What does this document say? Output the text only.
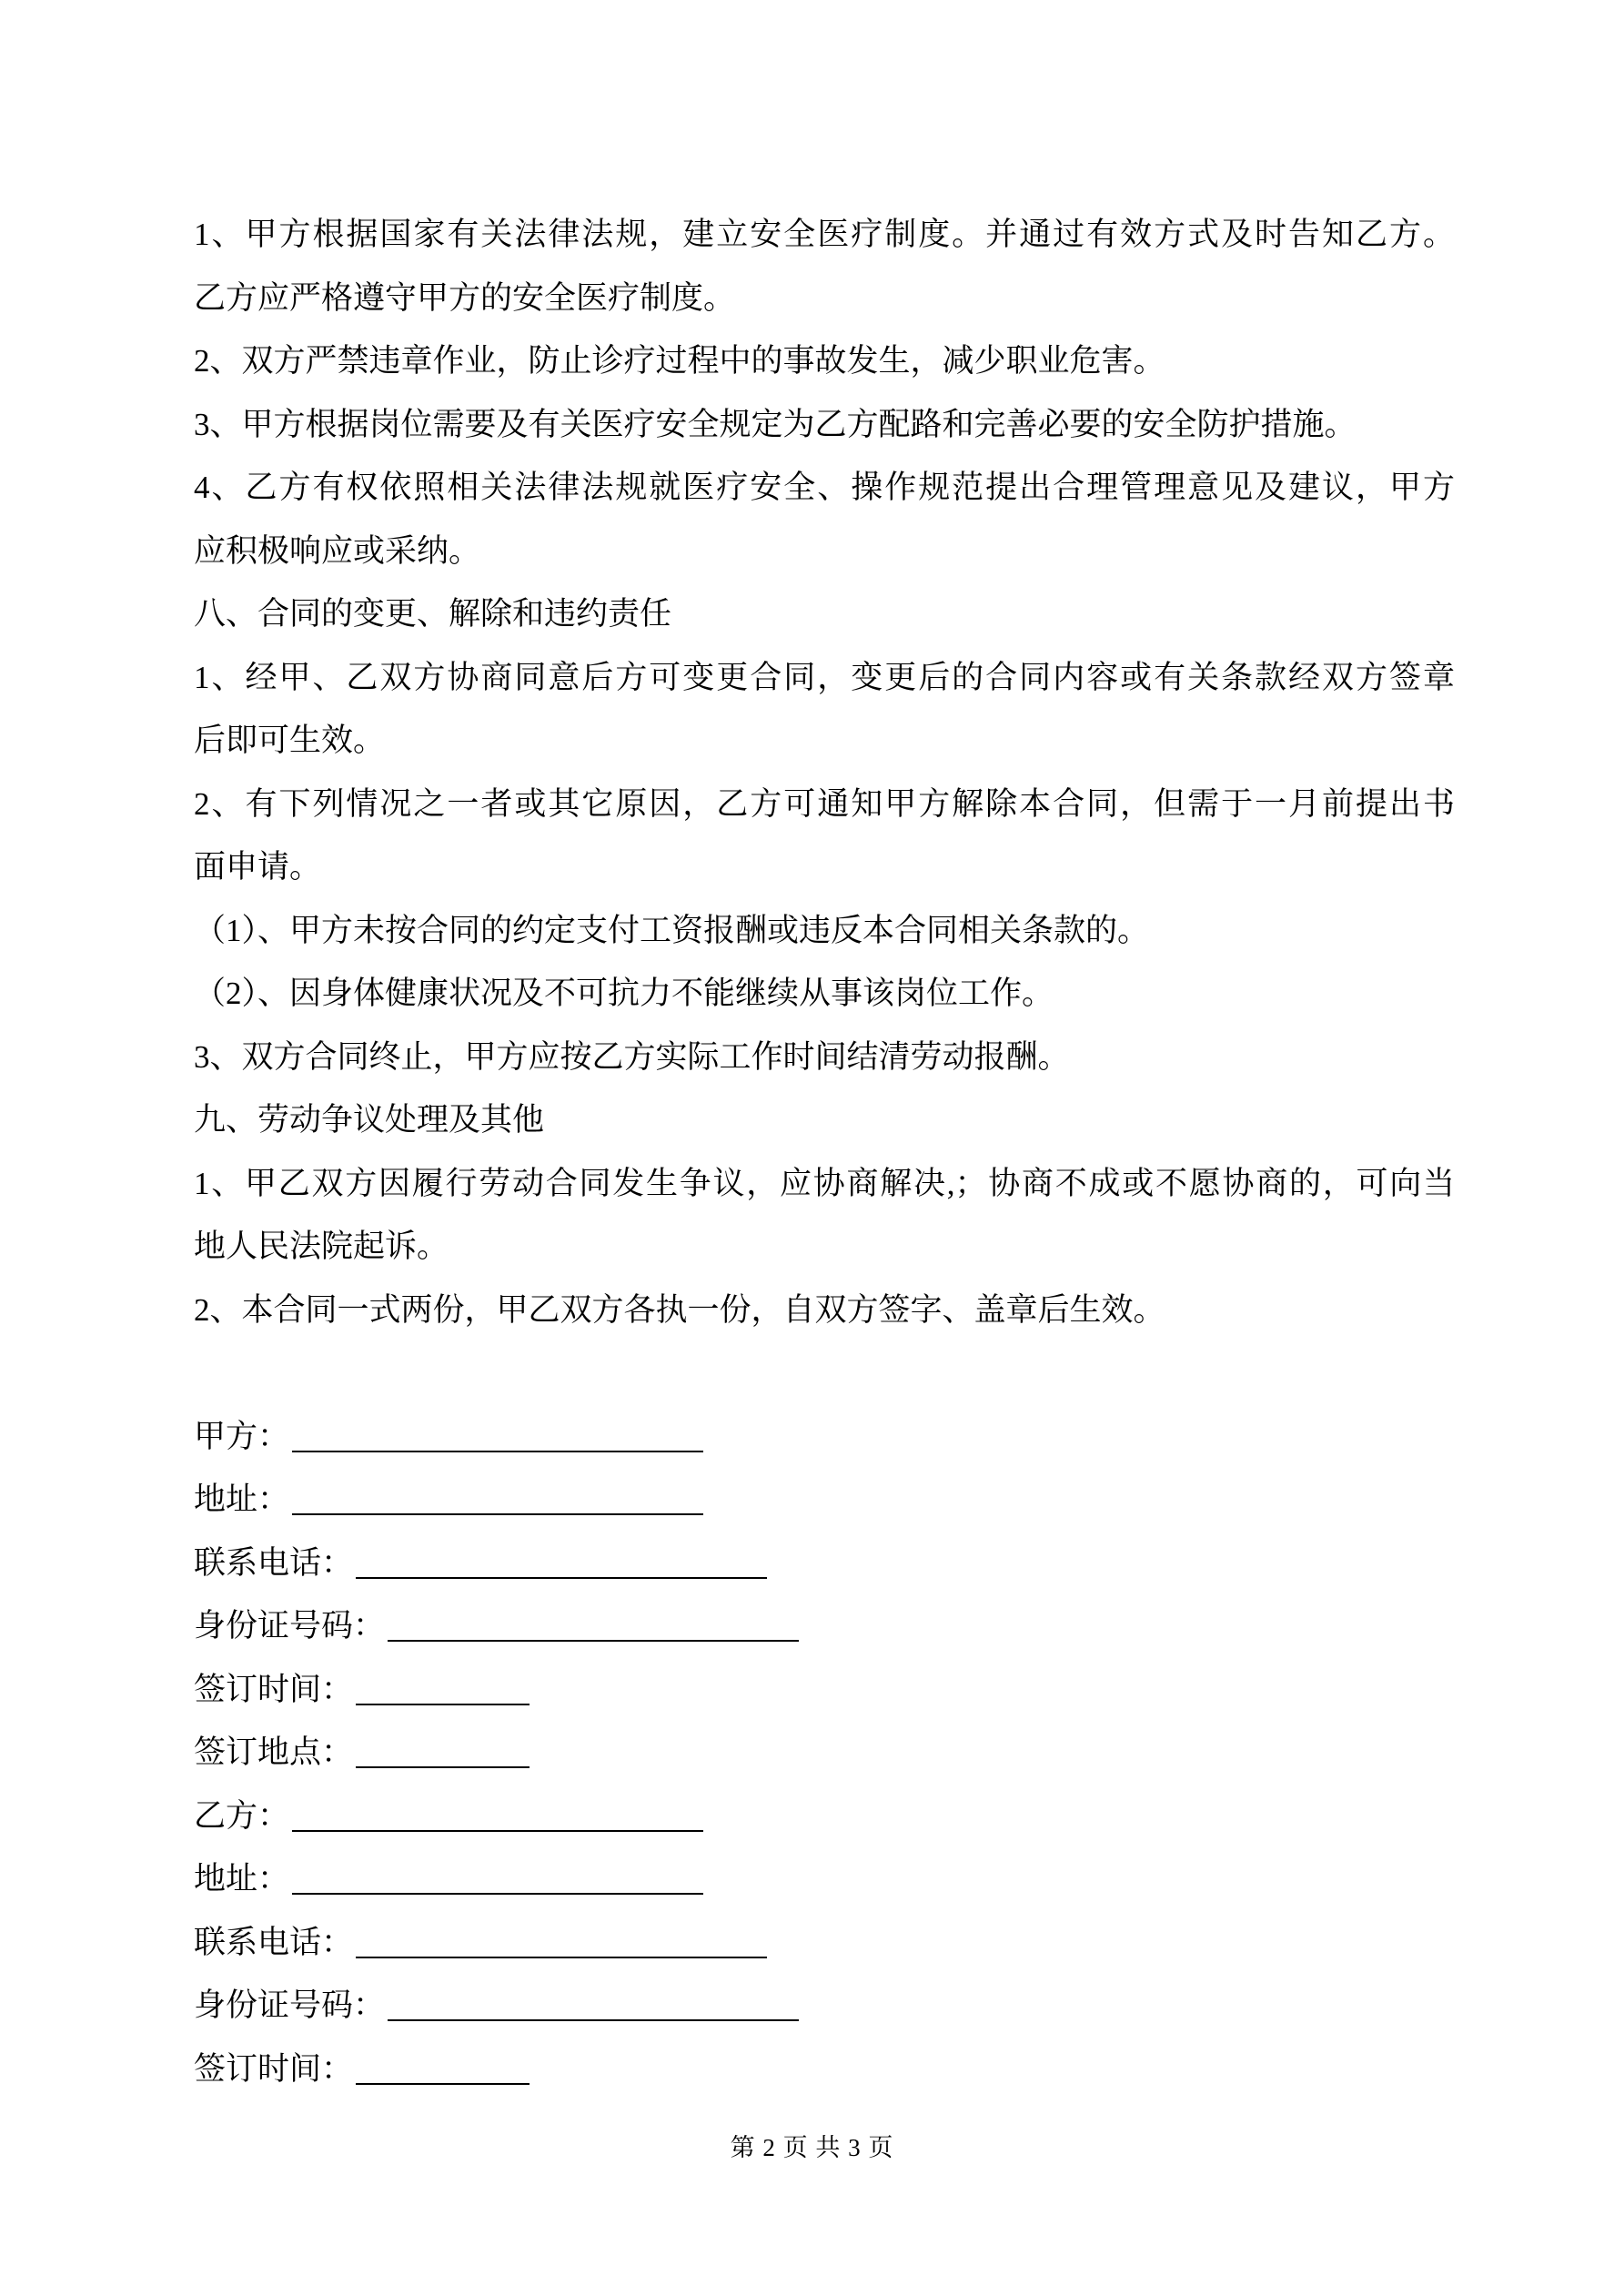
1、甲方根据国家有关法律法规，建立安全医疗制度。并通过有效方式及时告知乙方。
乙方应严格遵守甲方的安全医疗制度。
2、双方严禁违章作业，防止诊疗过程中的事故发生，减少职业危害。
3、甲方根据岗位需要及有关医疗安全规定为乙方配路和完善必要的安全防护措施。
4、乙方有权依照相关法律法规就医疗安全、操作规范提出合理管理意见及建议，甲方
应积极响应或采纳。
八、合同的变更、解除和违约责任
1、经甲、乙双方协商同意后方可变更合同，变更后的合同内容或有关条款经双方签章
后即可生效。
2、有下列情况之一者或其它原因，乙方可通知甲方解除本合同，但需于一月前提出书
面申请。
（1）、甲方未按合同的约定支付工资报酬或违反本合同相关条款的。
（2）、因身体健康状况及不可抗力不能继续从事该岗位工作。
3、双方合同终止，甲方应按乙方实际工作时间结清劳动报酬。
九、劳动争议处理及其他
1、甲乙双方因履行劳动合同发生争议，应协商解决,；协商不成或不愿协商的，可向当
地人民法院起诉。
2、本合同一式两份，甲乙双方各执一份，自双方签字、盖章后生效。
甲方：
地址：
联系电话：
身份证号码：
签订时间：
签订地点：
乙方：
地址：
联系电话：
身份证号码：
签订时间：
第 2 页 共 3 页
